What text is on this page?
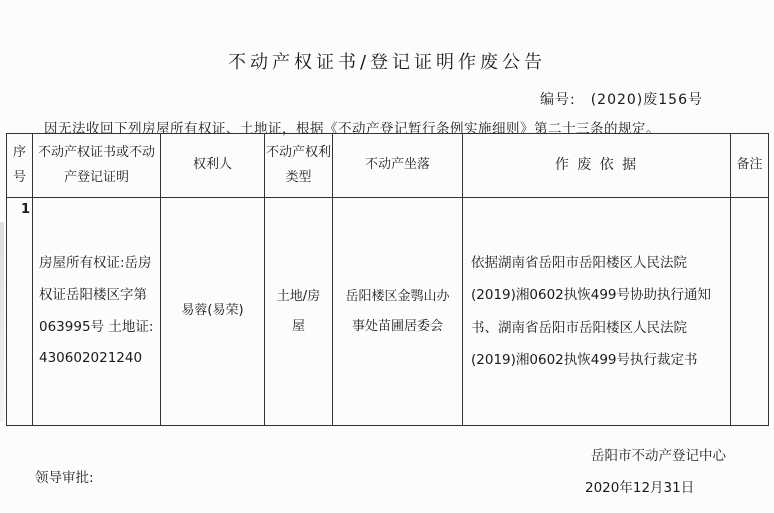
不动产权证书/登记证明作废公告
编号:　(2020)废156号
因无法收回下列房屋所有权证、土地证，根据《不动产登记暂行条例实施细则》第二十三条的规定。
序号	不动产权证书或不动产登记证明	权利人	不动产权利类型	不动产坐落	作 废 依 据	备注
1	房屋所有权证:岳房权证岳阳楼区字第063995号 土地证: 430602021240	易蓉(易荣)	土地/房屋	岳阳楼区金鹗山办事处苗圃居委会	依据湖南省岳阳市岳阳楼区人民法院(2019)湘0602执恢499号协助执行通知书、湖南省岳阳市岳阳楼区人民法院(2019)湘0602执恢499号执行裁定书	
岳阳市不动产登记中心
领导审批:
2020年12月31日
